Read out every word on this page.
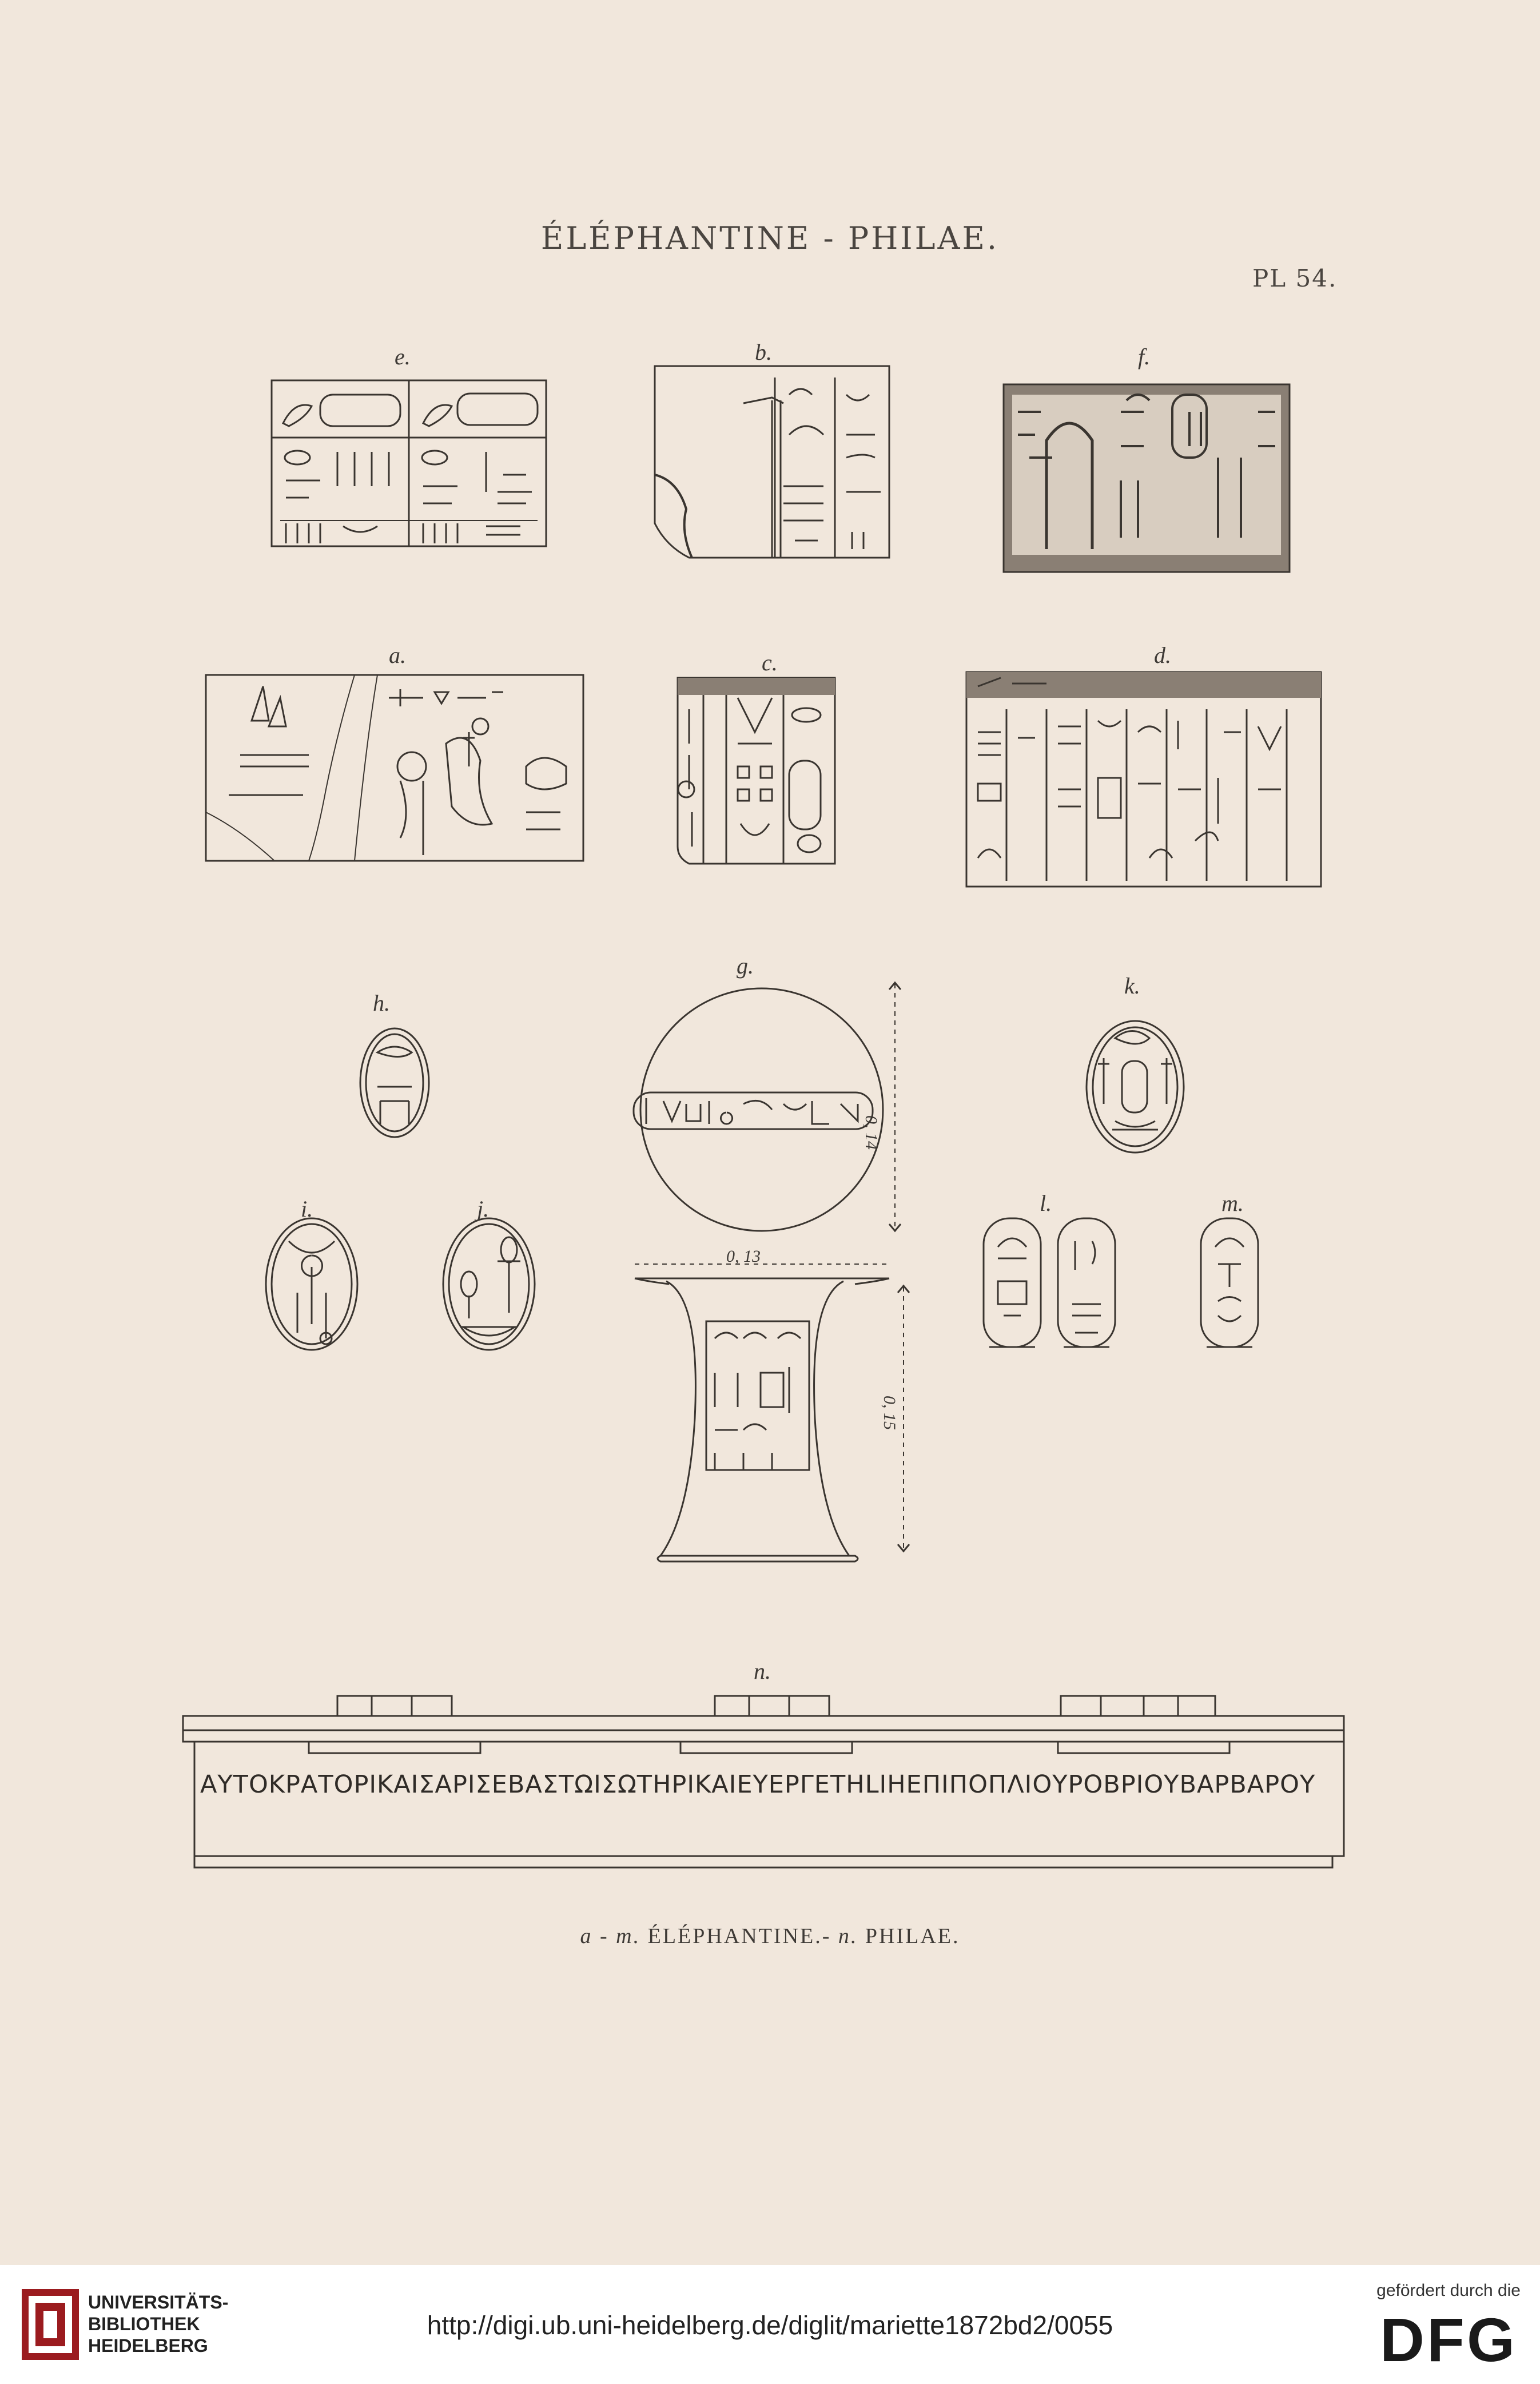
ÉLÉPHANTINE - PHILAE.
PL 54.
e.	b.	f.
a.	c.	d.
g.
h.
k.
i.	j.	l.	m.
n.
0, 13
0, 14
0, 15
ΑΥΤΟΚΡΑΤΟΡΙΚΑΙΣΑΡΙΣΕΒΑΣΤΩΙΣΩΤΗΡΙΚΑΙΕΥΕΡΓΕΤΗLΙΗΕΠΙΠΟΠΛΙΟΥΡΟΒΡΙΟΥΒΑΡΒΑΡΟΥ
a - m. ÉLÉPHANTINE.- n. PHILAE.
UNIVERSITÄTS-
BIBLIOTHEK
HEIDELBERG
http://digi.ub.uni-heidelberg.de/diglit/mariette1872bd2/0055
gefördert durch die
DFG
